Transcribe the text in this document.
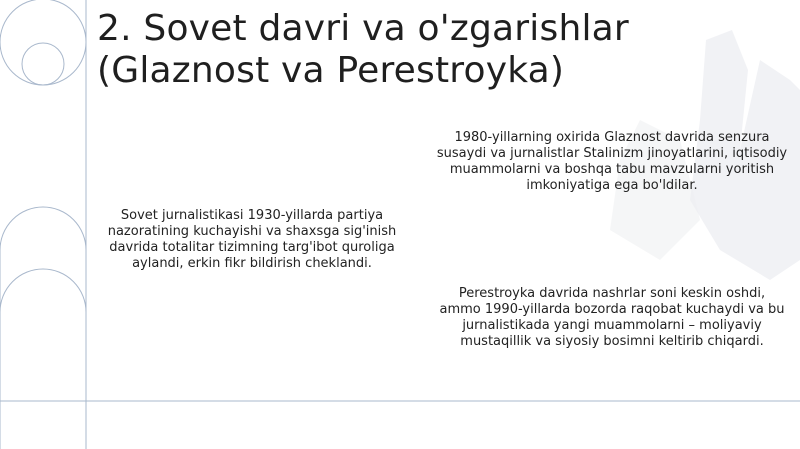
2. Sovet davri va o'zgarishlar
(Glaznost va Perestroyka)

Sovet jurnalistikasi 1930-yillarda partiya nazoratining kuchayishi va shaxsga sig'inish davrida totalitar tizimning targ'ibot quroliga aylandi, erkin fikr bildirish cheklandi.

1980-yillarning oxirida Glaznost davrida senzura susaydi va jurnalistlar Stalinizm jinoyatlarini, iqtisodiy muammolarni va boshqa tabu mavzularni yoritish imkoniyatiga ega bo'ldilar.

Perestroyka davrida nashrlar soni keskin oshdi, ammo 1990-yillarda bozorda raqobat kuchaydi va bu jurnalistikada yangi muammolarni – moliyaviy mustaqillik va siyosiy bosimni keltirib chiqardi.
